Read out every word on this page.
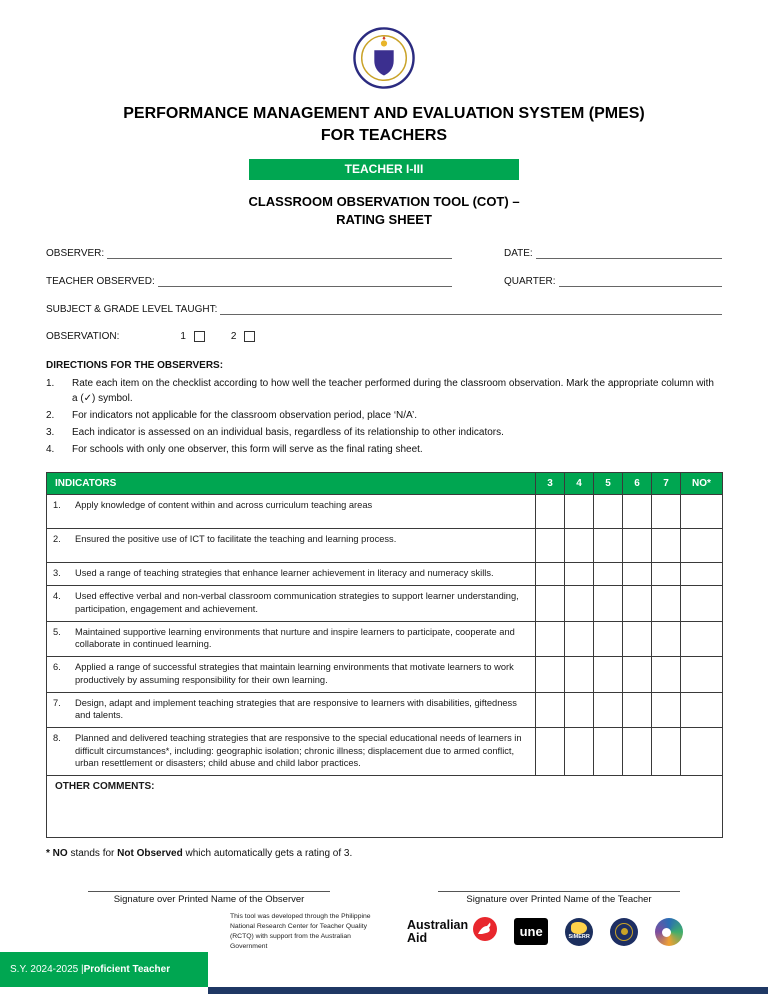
PERFORMANCE MANAGEMENT AND EVALUATION SYSTEM (PMES)
FOR TEACHERS
TEACHER I-III
CLASSROOM OBSERVATION TOOL (COT) –
RATING SHEET
OBSERVER:	DATE:
TEACHER OBSERVED:	QUARTER:
SUBJECT & GRADE LEVEL TAUGHT:
OBSERVATION:	1	2
DIRECTIONS FOR THE OBSERVERS:
1.	Rate each item on the checklist according to how well the teacher performed during the classroom observation. Mark the appropriate column with a (✓) symbol.
2.	For indicators not applicable for the classroom observation period, place ‘N/A’.
3.	Each indicator is assessed on an individual basis, regardless of its relationship to other indicators.
4.	For schools with only one observer, this form will serve as the final rating sheet.
INDICATORS	3	4	5	6	7	NO*

1. Apply knowledge of content within and across curriculum teaching areas						

2. Ensured the positive use of ICT to facilitate the teaching and learning process.						

3. Used a range of teaching strategies that enhance learner achievement in literacy and numeracy skills.						

4. Used effective verbal and non-verbal classroom communication strategies to support learner understanding, participation, engagement and achievement.						

5. Maintained supportive learning environments that nurture and inspire learners to participate, cooperate and collaborate in continued learning.						

6. Applied a range of successful strategies that maintain learning environments that motivate learners to work productively by assuming responsibility for their own learning.						

7. Design, adapt and implement teaching strategies that are responsive to learners with disabilities, giftedness and talents.						

8. Planned and delivered teaching strategies that are responsive to the special educational needs of learners in difficult circumstances*, including: geographic isolation; chronic illness; displacement due to armed conflict, urban resettlement or disasters; child abuse and child labor practices.						

OTHER COMMENTS:						
* NO stands for Not Observed which automatically gets a rating of 3.
Signature over Printed Name of the Observer	Signature over Printed Name of the Teacher
This tool was developed through the Philippine National Research Center for Teacher Quality (RCTQ) with support from the Australian Government
Australian
Aid	une	SiMERR
S.Y. 2024-2025 | Proficient Teacher
